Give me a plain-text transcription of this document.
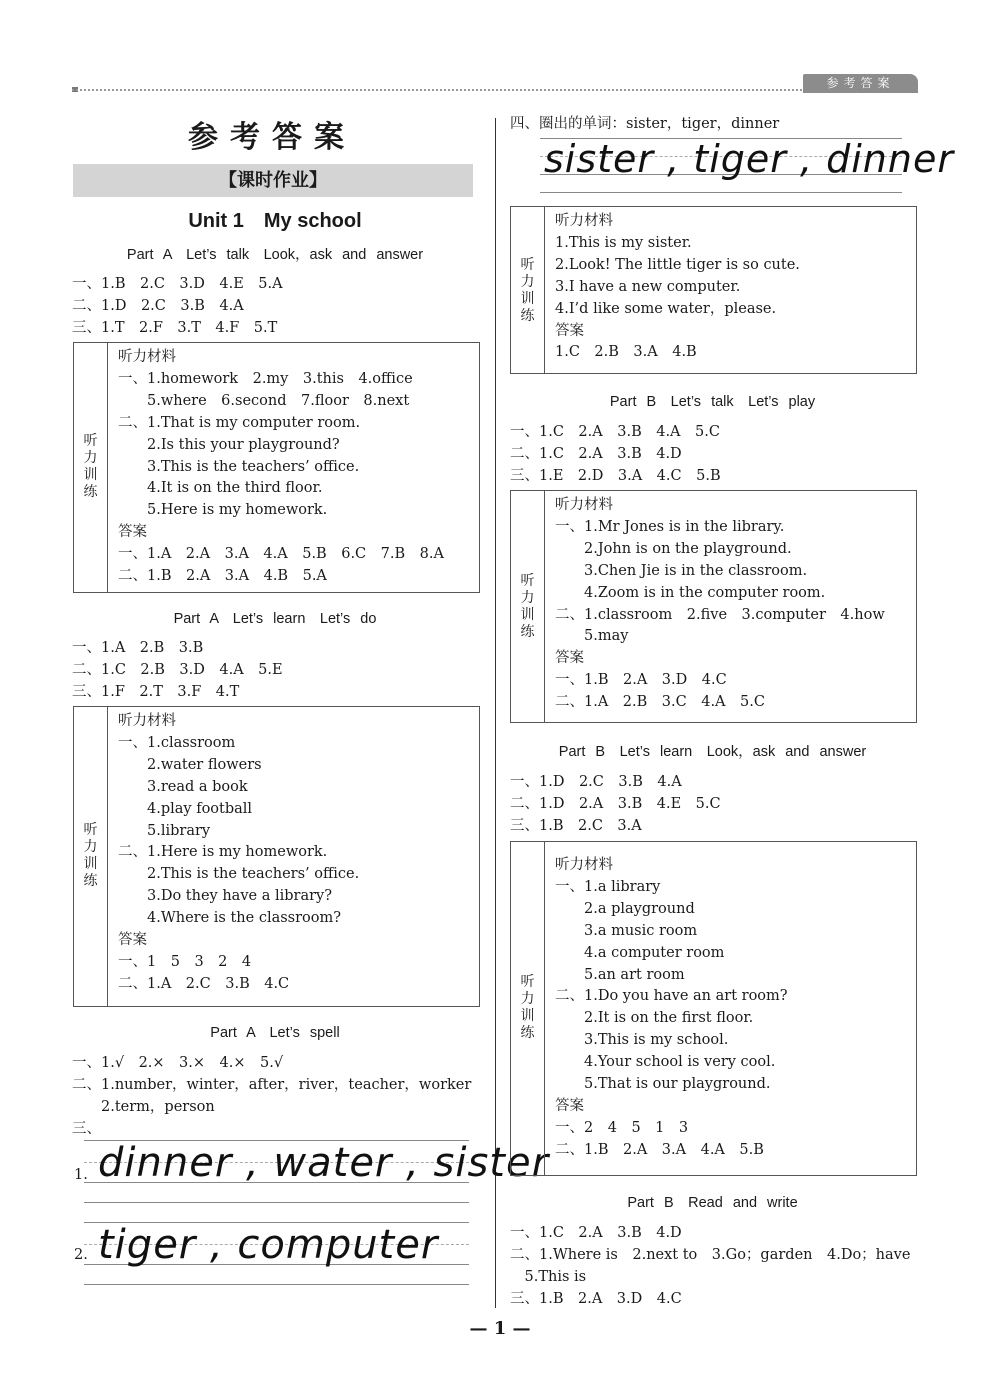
参考答案
参考答案
【课时作业】
Unit 1　My school
Part A　Let’s talk　Look，ask and answer
一、1.B　2.C　3.D　4.E　5.A
二、1.D　2.C　3.B　4.A
三、1.T　2.F　3.T　4.F　5.T
听
力
训
练
听力材料
一、1.homework　2.my　3.this　4.office
　　5.where　6.second　7.floor　8.next
二、1.That is my computer room.
　　2.Is this your playground?
　　3.This is the teachers’ office.
　　4.It is on the third floor.
　　5.Here is my homework.
答案
一、1.A　2.A　3.A　4.A　5.B　6.C　7.B　8.A
二、1.B　2.A　3.A　4.B　5.A
Part A　Let’s learn　Let’s do
一、1.A　2.B　3.B
二、1.C　2.B　3.D　4.A　5.E
三、1.F　2.T　3.F　4.T
听
力
训
练
听力材料
一、1.classroom
　　2.water flowers
　　3.read a book
　　4.play football
　　5.library
二、1.Here is my homework.
　　2.This is the teachers’ office.
　　3.Do they have a library?
　　4.Where is the classroom?
答案
一、1　5　3　2　4
二、1.A　2.C　3.B　4.C
Part A　Let’s spell
一、1.√　2.×　3.×　4.×　5.√
二、1.number，winter，after，river，teacher，worker
　　2.term，person
三、
1. dinner , water , sister
2. tiger , computer
四、圈出的单词：sister，tiger，dinner
sister , tiger , dinner
听
力
训
练
听力材料
1.This is my sister.
2.Look! The little tiger is so cute.
3.I have a new computer.
4.I’d like some water，please.
答案
1.C　2.B　3.A　4.B
Part B　Let’s talk　Let’s play
一、1.C　2.A　3.B　4.A　5.C
二、1.C　2.A　3.B　4.D
三、1.E　2.D　3.A　4.C　5.B
听
力
训
练
听力材料
一、1.Mr Jones is in the library.
　　2.John is on the playground.
　　3.Chen Jie is in the classroom.
　　4.Zoom is in the computer room.
二、1.classroom　2.five　3.computer　4.how
　　5.may
答案
一、1.B　2.A　3.D　4.C
二、1.A　2.B　3.C　4.A　5.C
Part B　Let’s learn　Look，ask and answer
一、1.D　2.C　3.B　4.A
二、1.D　2.A　3.B　4.E　5.C
三、1.B　2.C　3.A
听
力
训
练
听力材料
一、1.a library
　　2.a playground
　　3.a music room
　　4.a computer room
　　5.an art room
二、1.Do you have an art room?
　　2.It is on the first floor.
　　3.This is my school.
　　4.Your school is very cool.
　　5.That is our playground.
答案
一、2　4　5　1　3
二、1.B　2.A　3.A　4.A　5.B
Part B　Read and write
一、1.C　2.A　3.B　4.D
二、1.Where is　2.next to　3.Go；garden　4.Do；have
　5.This is
三、1.B　2.A　3.D　4.C
— 1 —
